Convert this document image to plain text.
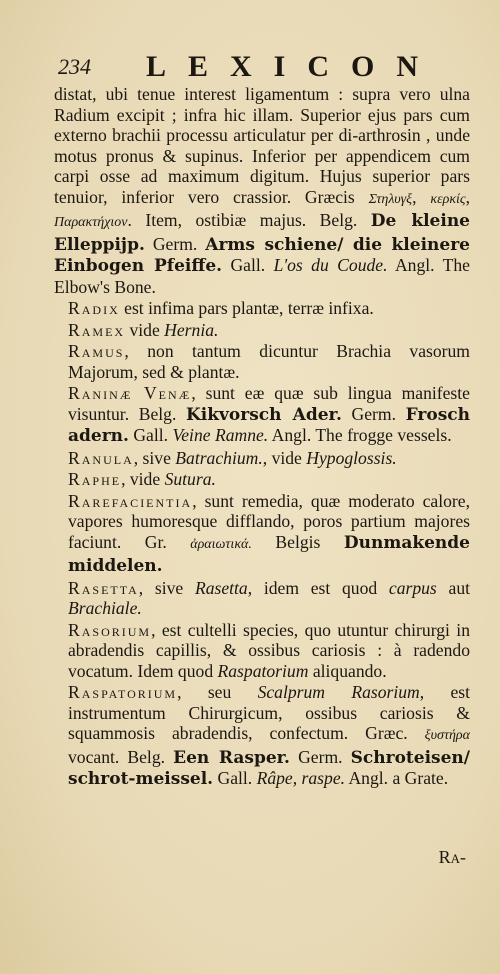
234 LEXICON

distat, ubi tenue interest ligamentum : supra vero ulna Radium excipit ; infra hic illam. Superior ejus pars cum externo brachii processu articulatur per di-arthrosin , unde motus pronus & supinus. Inferior per appendicem cum carpi osse ad maximum digitum. Hujus superior pars tenuior, inferior vero crassior. Græcis Στηλυγξ, κερκίς, Παρακτήχιον. Item, ostibiæ majus. Belg. De kleine Elleppijp. Germ. Arms schiene/ die kleinere Einbogen Pfeiffe. Gall. L'os du Coude. Angl. The Elbow's Bone.

Radix est infima pars plantæ, terræ infixa.

Ramex vide Hernia.

Ramus, non tantum dicuntur Brachia vasorum Majorum, sed & plantæ.

Raninæ Venæ, sunt eæ quæ sub lingua manifeste visuntur. Belg. Kikvorsch Ader. Germ. Frosch adern. Gall. Veine Ramne. Angl. The frogge vessels.

Ranula, sive Batrachium., vide Hypoglossis.

Raphe, vide Sutura.

Rarefacientia, sunt remedia, quæ moderato calore, vapores humoresque difflando, poros partium majores faciunt. Gr. ἀραιωτικά. Belgis Dunmakende middelen.

Rasetta, sive Rasetta, idem est quod carpus aut Brachiale.

Rasorium, est cultelli species, quo utuntur chirurgi in abradendis capillis, & ossibus cariosis : à radendo vocatum. Idem quod Raspatorium aliquando.

Raspatorium, seu Scalprum Rasorium, est instrumentum Chirurgicum, ossibus cariosis & squammosis abradendis, confectum. Græc. ξυστήρα vocant. Belg. Een Rasper. Germ. Schroteisen/ schrot-meissel. Gall. Râpe, raspe. Angl. a Grate.

Ra-
